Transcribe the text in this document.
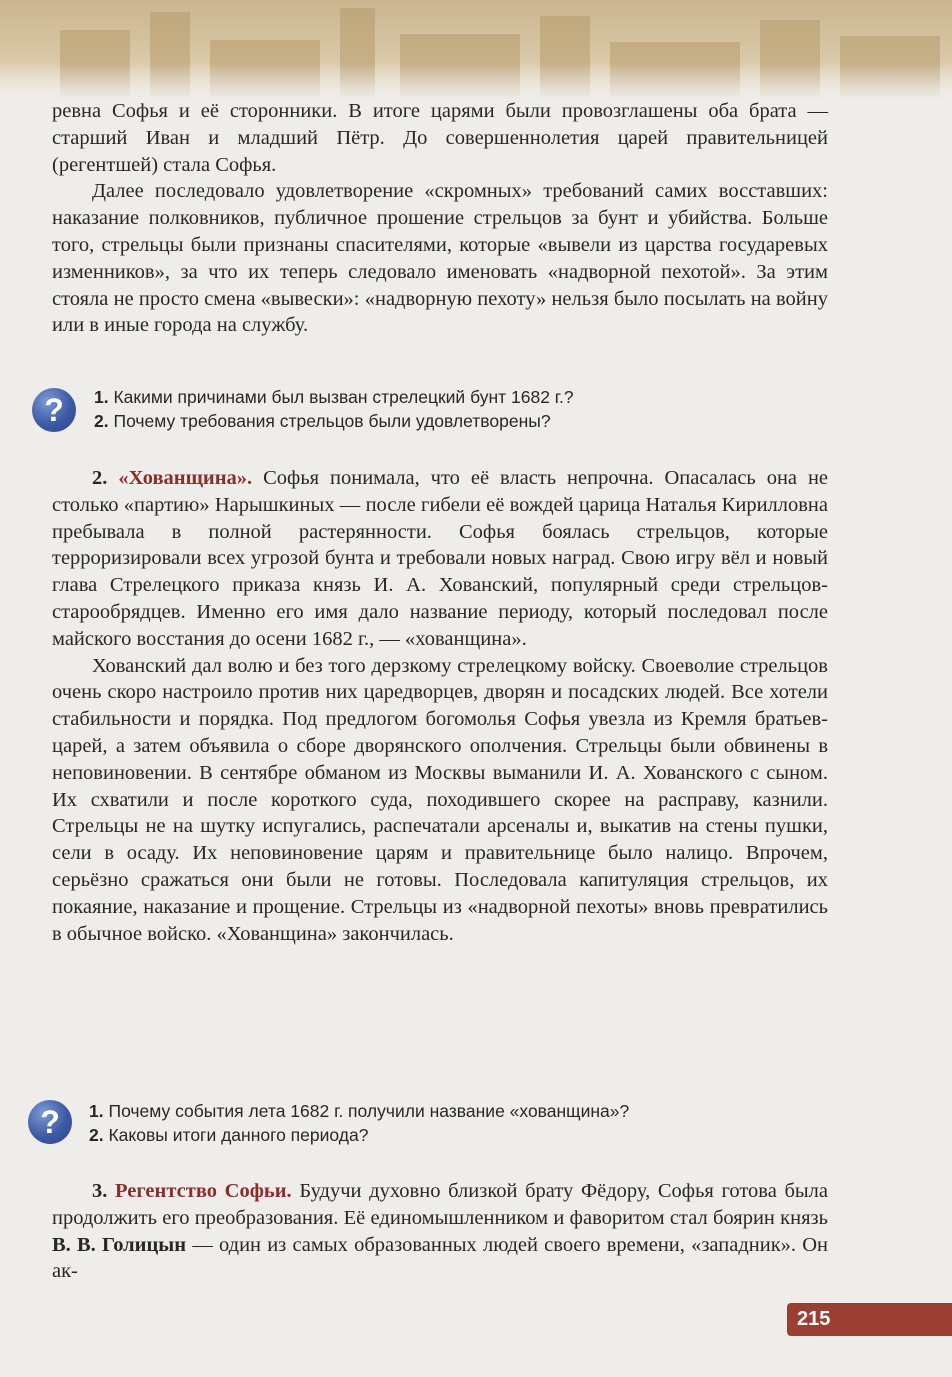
ревна Софья и её сторонники. В итоге царями были провозглашены оба брата — старший Иван и младший Пётр. До совершеннолетия царей правительницей (регентшей) стала Софья.

Далее последовало удовлетворение «скромных» требований самих восставших: наказание полковников, публичное прошение стрельцов за бунт и убийства. Больше того, стрельцы были признаны спасителями, которые «вывели из царства государевых изменников», за что их теперь следовало именовать «надворной пехотой». За этим стояла не просто смена «вывески»: «надворную пехоту» нельзя было посылать на войну или в иные города на службу.

?	1. Какими причинами был вызван стрелецкий бунт 1682 г.?
2. Почему требования стрельцов были удовлетворены?

2. «Хованщина». Софья понимала, что её власть непрочна. Опасалась она не столько «партию» Нарышкиных — после гибели её вождей царица Наталья Кирилловна пребывала в полной растерянности. Софья боялась стрельцов, которые терроризировали всех угрозой бунта и требовали новых наград. Свою игру вёл и новый глава Стрелецкого приказа князь И. А. Хованский, популярный среди стрельцов-старообрядцев. Именно его имя дало название периоду, который последовал после майского восстания до осени 1682 г., — «хованщина».

Хованский дал волю и без того дерзкому стрелецкому войску. Своеволие стрельцов очень скоро настроило против них царедворцев, дворян и посадских людей. Все хотели стабильности и порядка. Под предлогом богомолья Софья увезла из Кремля братьев-царей, а затем объявила о сборе дворянского ополчения. Стрельцы были обвинены в неповиновении. В сентябре обманом из Москвы выманили И. А. Хованского с сыном. Их схватили и после короткого суда, походившего скорее на расправу, казнили. Стрельцы не на шутку испугались, распечатали арсеналы и, выкатив на стены пушки, сели в осаду. Их неповиновение царям и правительнице было налицо. Впрочем, серьёзно сражаться они были не готовы. Последовала капитуляция стрельцов, их покаяние, наказание и прощение. Стрельцы из «надворной пехоты» вновь превратились в обычное войско. «Хованщина» закончилась.

?	1. Почему события лета 1682 г. получили название «хованщина»?
2. Каковы итоги данного периода?

3. Регентство Софьи. Будучи духовно близкой брату Фёдору, Софья готова была продолжить его преобразования. Её единомышленником и фаворитом стал боярин князь В. В. Голицын — один из самых образованных людей своего времени, «западник». Он ак-

215
